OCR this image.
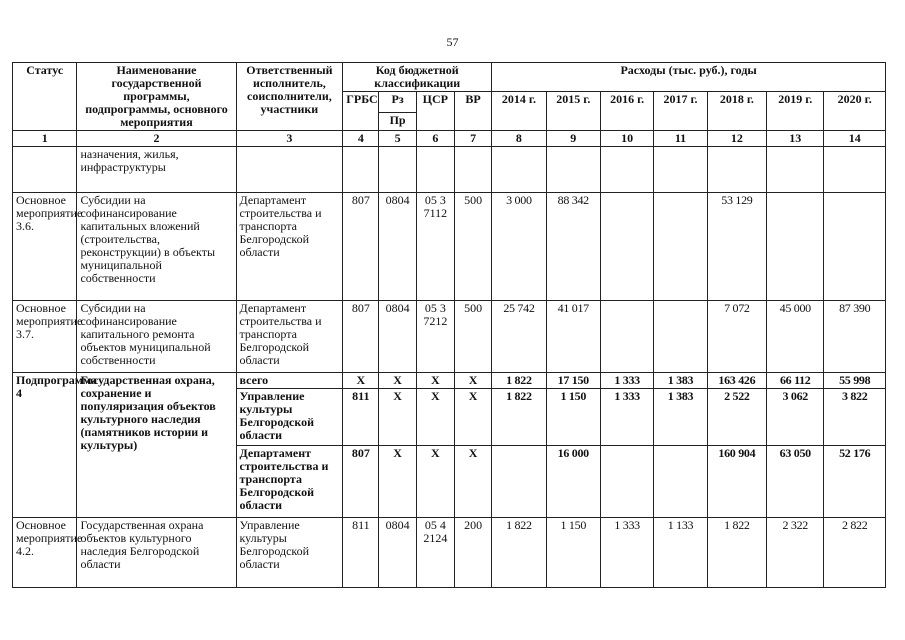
57
Статус	Наименование государственной программы, подпрограммы, основного мероприятия	Ответственный исполнитель, соисполнители, участники	Код бюджетной классификации				Расходы (тыс. руб.), годы						
			ГРБС	Рз	ЦСР	ВР	2014 г.	2015 г.	2016 г.	2017 г.	2018 г.	2019 г.	2020 г.
				Пр									
1	2	3	4	5	6	7	8	9	10	11	12	13	14
	назначения, жилья, инфраструктуры												
Основное мероприятие 3.6.	Субсидии на софинансирование капитальных вложений (строительства, реконструкции) в объекты муниципальной собственности	Департамент строительства и транспорта Белгородской области	807	0804	05 3 7112	500	3 000	88 342			53 129		
Основное мероприятие 3.7.	Субсидии на софинансирование капитального ремонта объектов муниципальной собственности	Департамент строительства и транспорта Белгородской области	807	0804	05 3 7212	500	25 742	41 017			7 072	45 000	87 390
Подпрограмма 4	Государственная охрана, сохранение и популяризация объектов культурного наследия (памятников истории и культуры)	всего	X	X	X	X	1 822	17 150	1 333	1 383	163 426	66 112	55 998
		Управление культуры Белгородской области	811	X	X	X	1 822	1 150	1 333	1 383	2 522	3 062	3 822
		Департамент строительства и транспорта Белгородской области	807	X	X	X		16 000			160 904	63 050	52 176
Основное мероприятие 4.2.	Государственная охрана объектов культурного наследия Белгородской области	Управление культуры Белгородской области	811	0804	05 4 2124	200	1 822	1 150	1 333	1 133	1 822	2 322	2 822
